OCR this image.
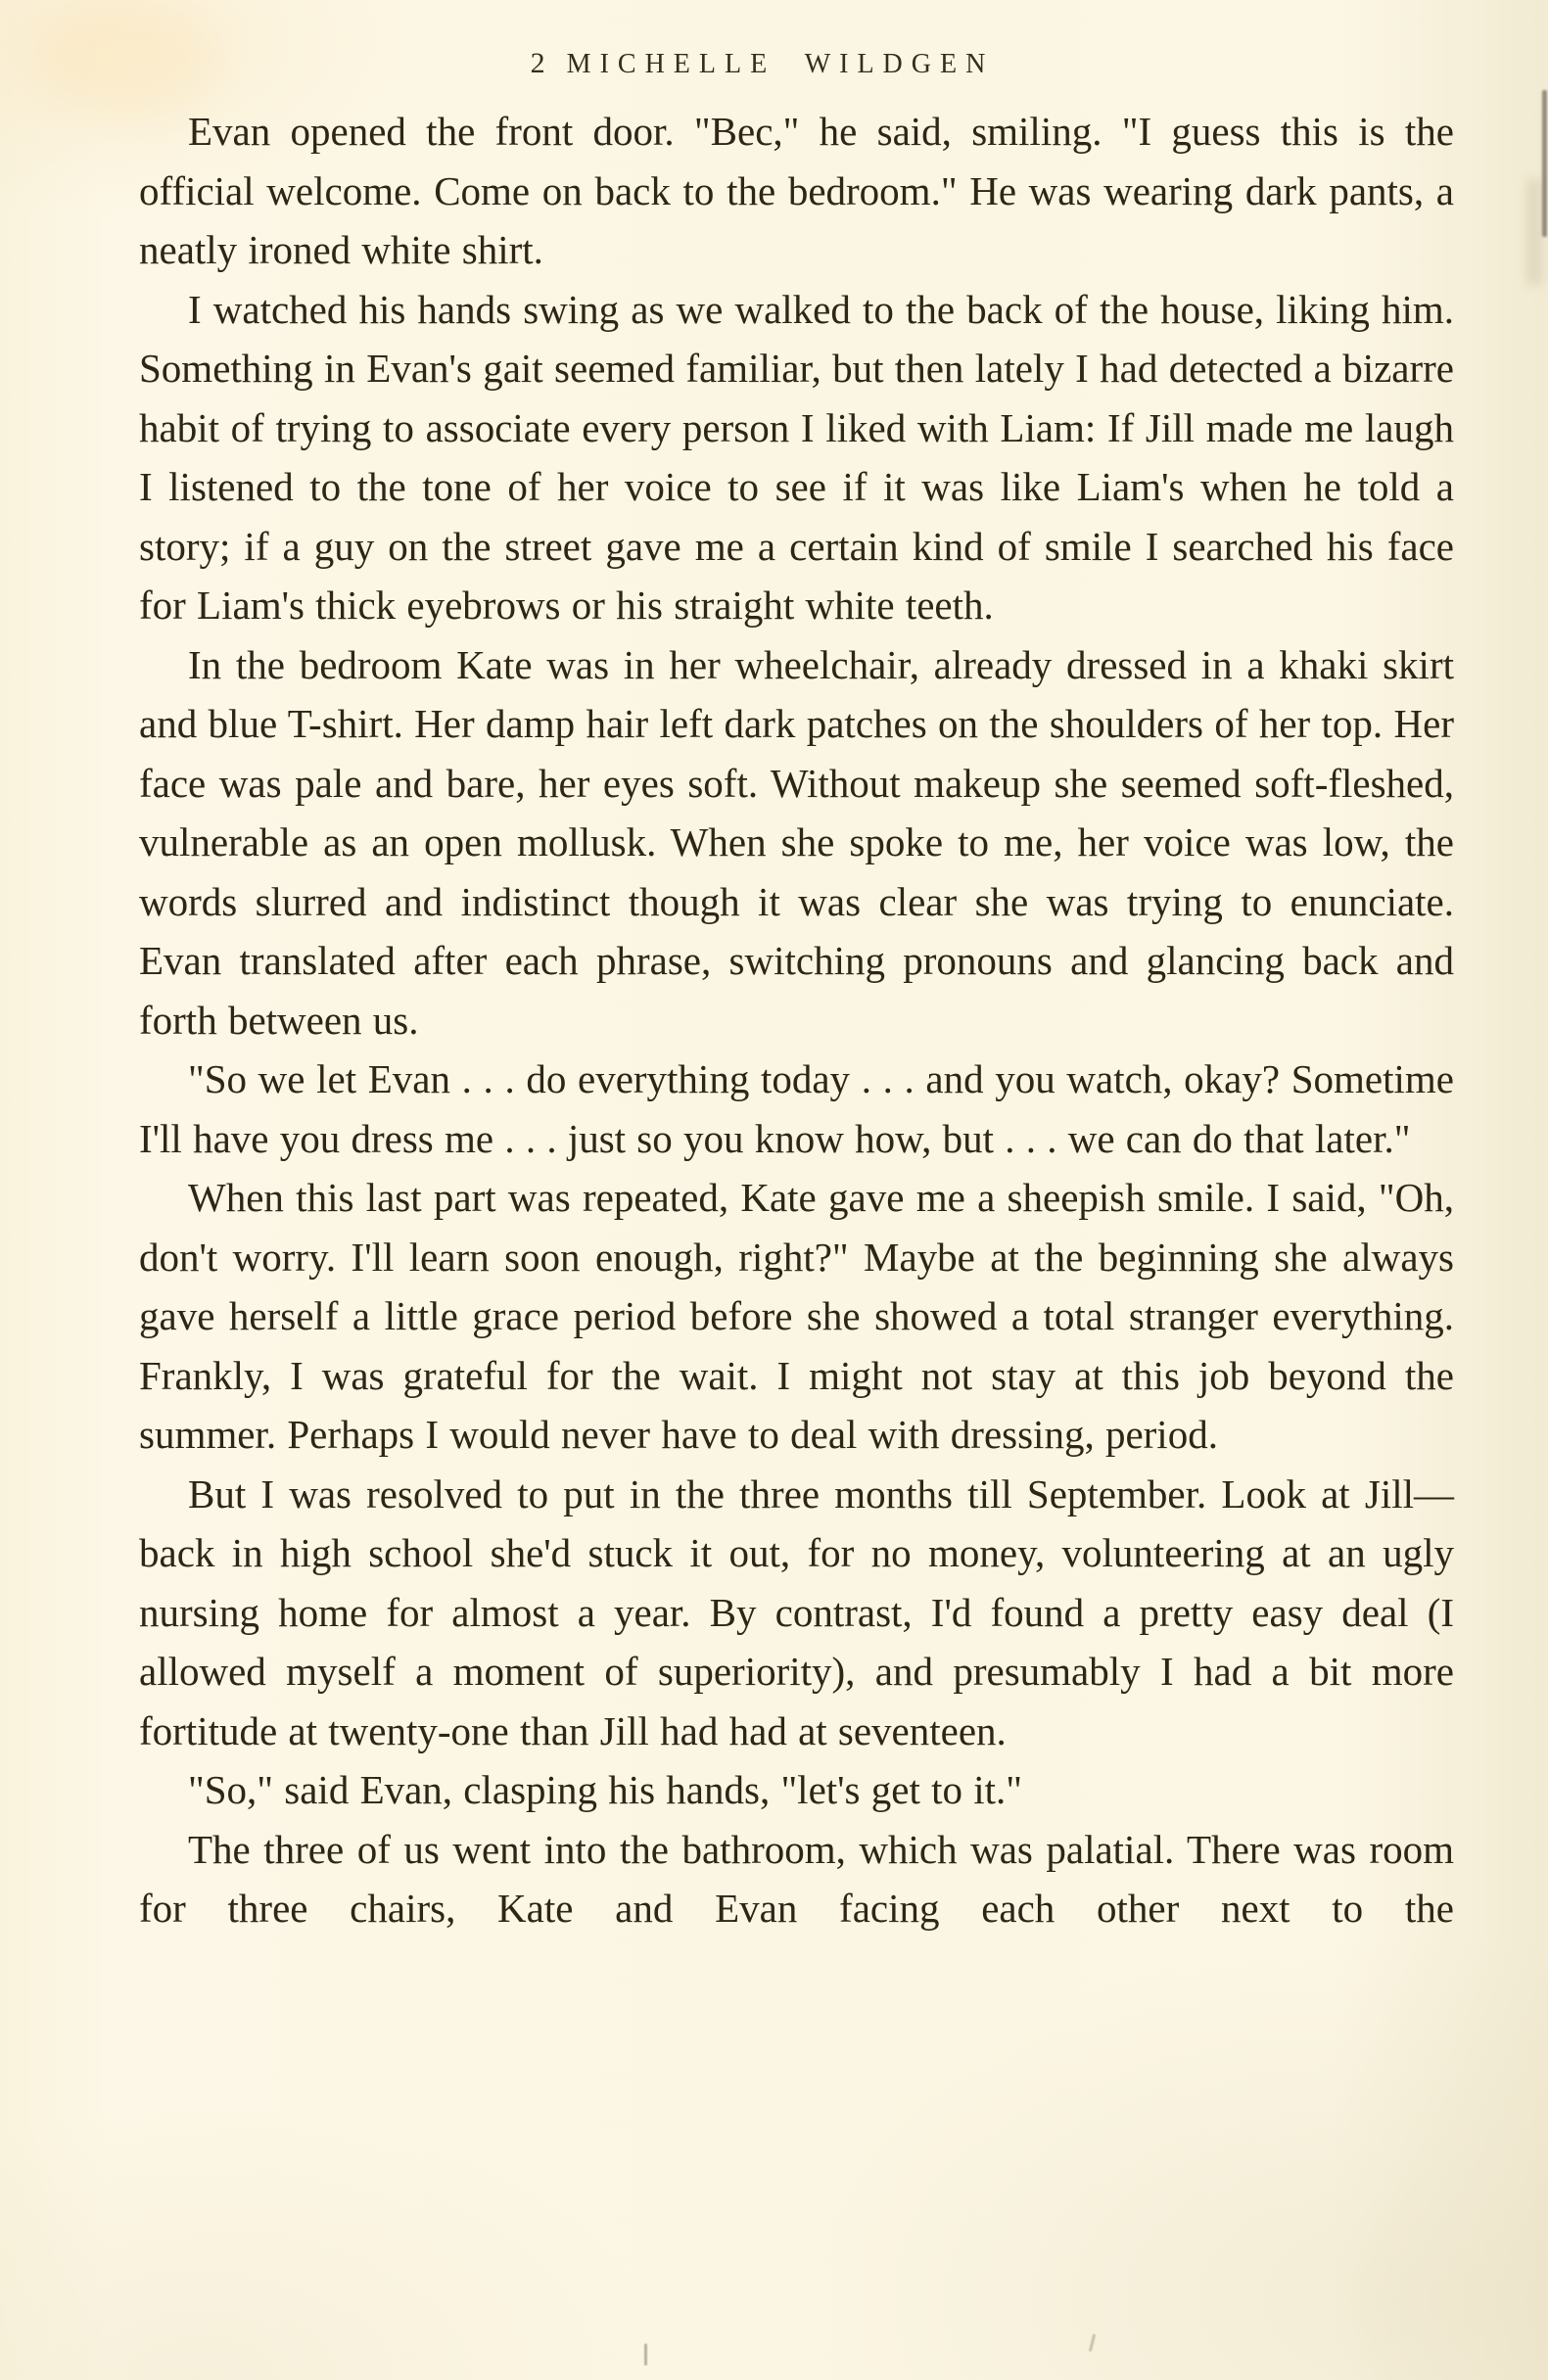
2 MICHELLE WILDGEN

Evan opened the front door. "Bec," he said, smiling. "I guess this is the official welcome. Come on back to the bedroom." He was wearing dark pants, a neatly ironed white shirt.

I watched his hands swing as we walked to the back of the house, liking him. Something in Evan's gait seemed familiar, but then lately I had detected a bizarre habit of trying to associate every person I liked with Liam: If Jill made me laugh I listened to the tone of her voice to see if it was like Liam's when he told a story; if a guy on the street gave me a certain kind of smile I searched his face for Liam's thick eyebrows or his straight white teeth.

In the bedroom Kate was in her wheelchair, already dressed in a khaki skirt and blue T-shirt. Her damp hair left dark patches on the shoulders of her top. Her face was pale and bare, her eyes soft. Without makeup she seemed soft-fleshed, vulnerable as an open mollusk. When she spoke to me, her voice was low, the words slurred and indistinct though it was clear she was trying to enunciate. Evan translated after each phrase, switching pronouns and glancing back and forth between us.

"So we let Evan . . . do everything today . . . and you watch, okay? Sometime I'll have you dress me . . . just so you know how, but . . . we can do that later."

When this last part was repeated, Kate gave me a sheepish smile. I said, "Oh, don't worry. I'll learn soon enough, right?" Maybe at the beginning she always gave herself a little grace period before she showed a total stranger everything. Frankly, I was grateful for the wait. I might not stay at this job beyond the summer. Perhaps I would never have to deal with dressing, period.

But I was resolved to put in the three months till September. Look at Jill—back in high school she'd stuck it out, for no money, volunteering at an ugly nursing home for almost a year. By contrast, I'd found a pretty easy deal (I allowed myself a moment of superiority), and presumably I had a bit more fortitude at twenty-one than Jill had had at seventeen.

"So," said Evan, clasping his hands, "let's get to it."

The three of us went into the bathroom, which was palatial. There was room for three chairs, Kate and Evan facing each other next to the
